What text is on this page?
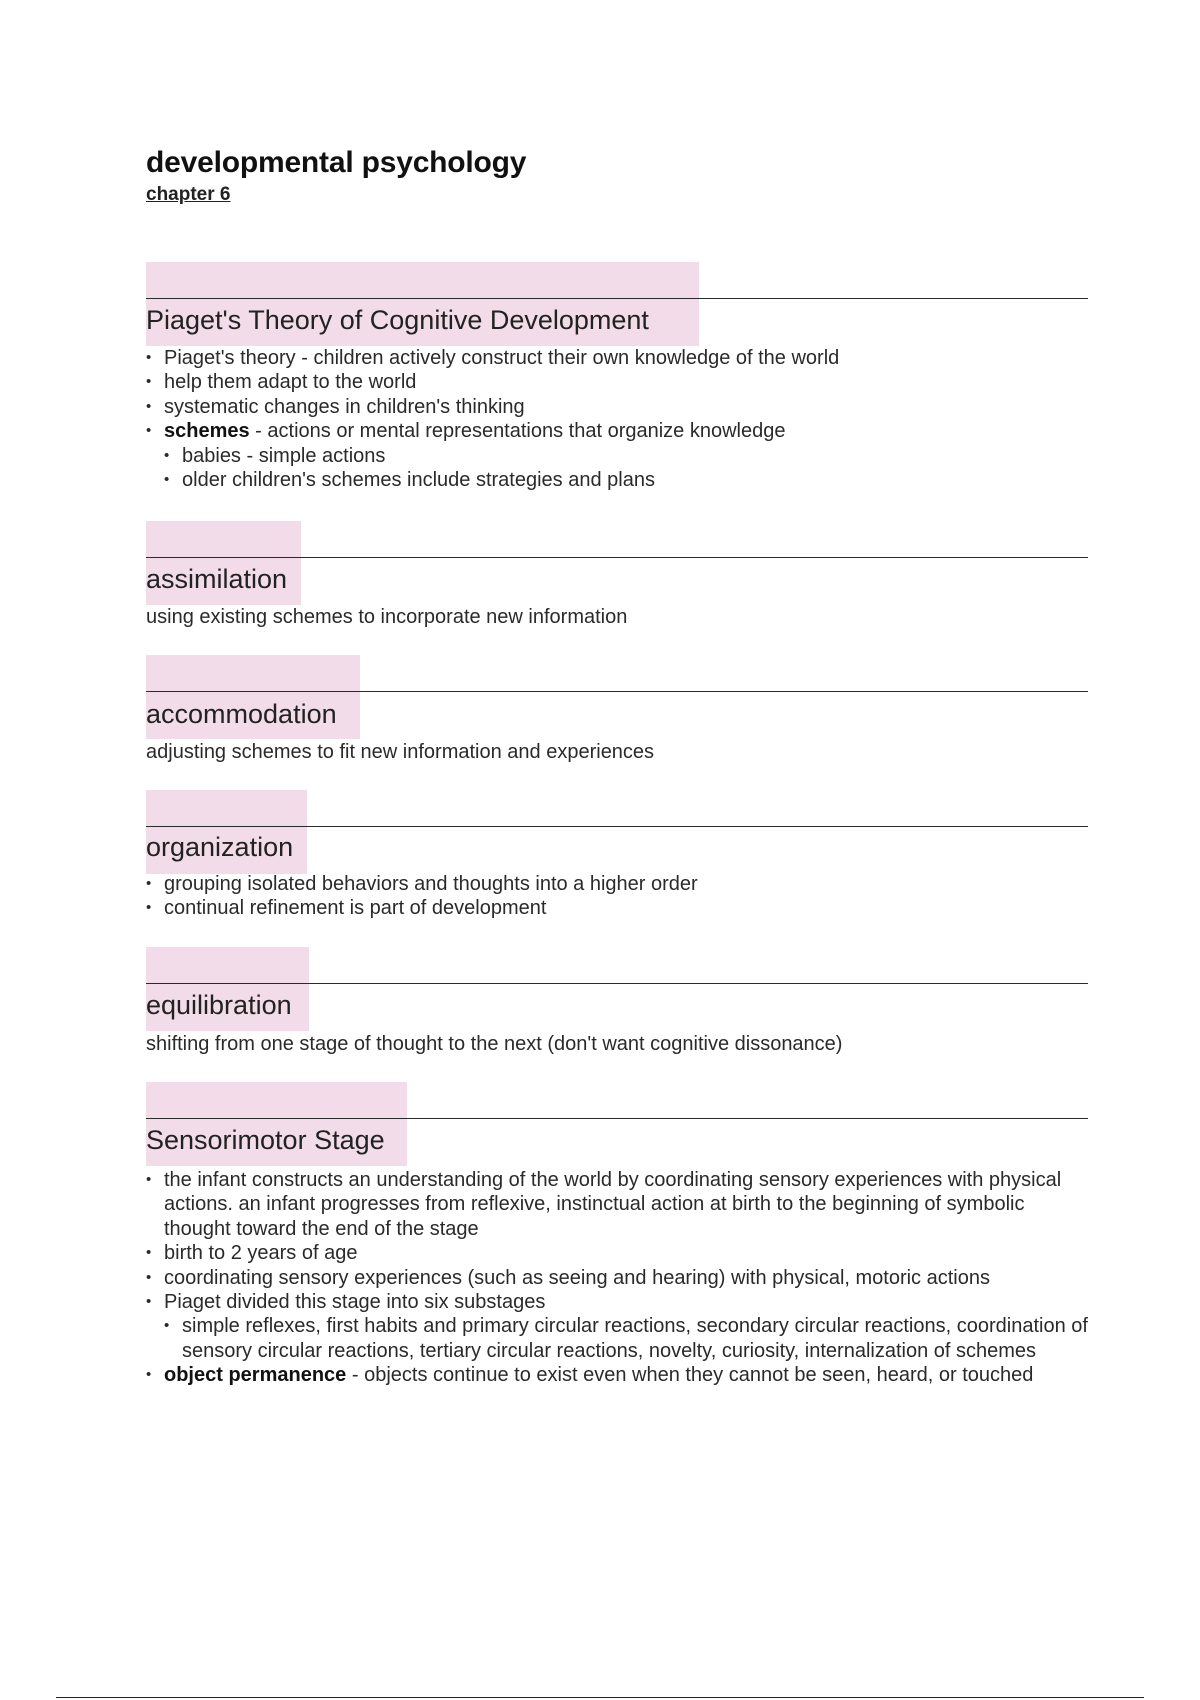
developmental psychology
chapter 6
Piaget's Theory of Cognitive Development
• Piaget's theory - children actively construct their own knowledge of the world
• help them adapt to the world
• systematic changes in children's thinking
• schemes - actions or mental representations that organize knowledge
• babies - simple actions
• older children's schemes include strategies and plans
assimilation

using existing schemes to incorporate new information

accommodation

adjusting schemes to fit new information and experiences

organization
• grouping isolated behaviors and thoughts into a higher order
• continual refinement is part of development
equilibration

shifting from one stage of thought to the next (don't want cognitive dissonance)

Sensorimotor Stage
• the infant constructs an understanding of the world by coordinating sensory experiences with physical actions. an infant progresses from reflexive, instinctual action at birth to the beginning of symbolic thought toward the end of the stage
• birth to 2 years of age
• coordinating sensory experiences (such as seeing and hearing) with physical, motoric actions
• Piaget divided this stage into six substages
• simple reflexes, first habits and primary circular reactions, secondary circular reactions, coordination of sensory circular reactions, tertiary circular reactions, novelty, curiosity, internalization of schemes
• object permanence - objects continue to exist even when they cannot be seen, heard, or touched
